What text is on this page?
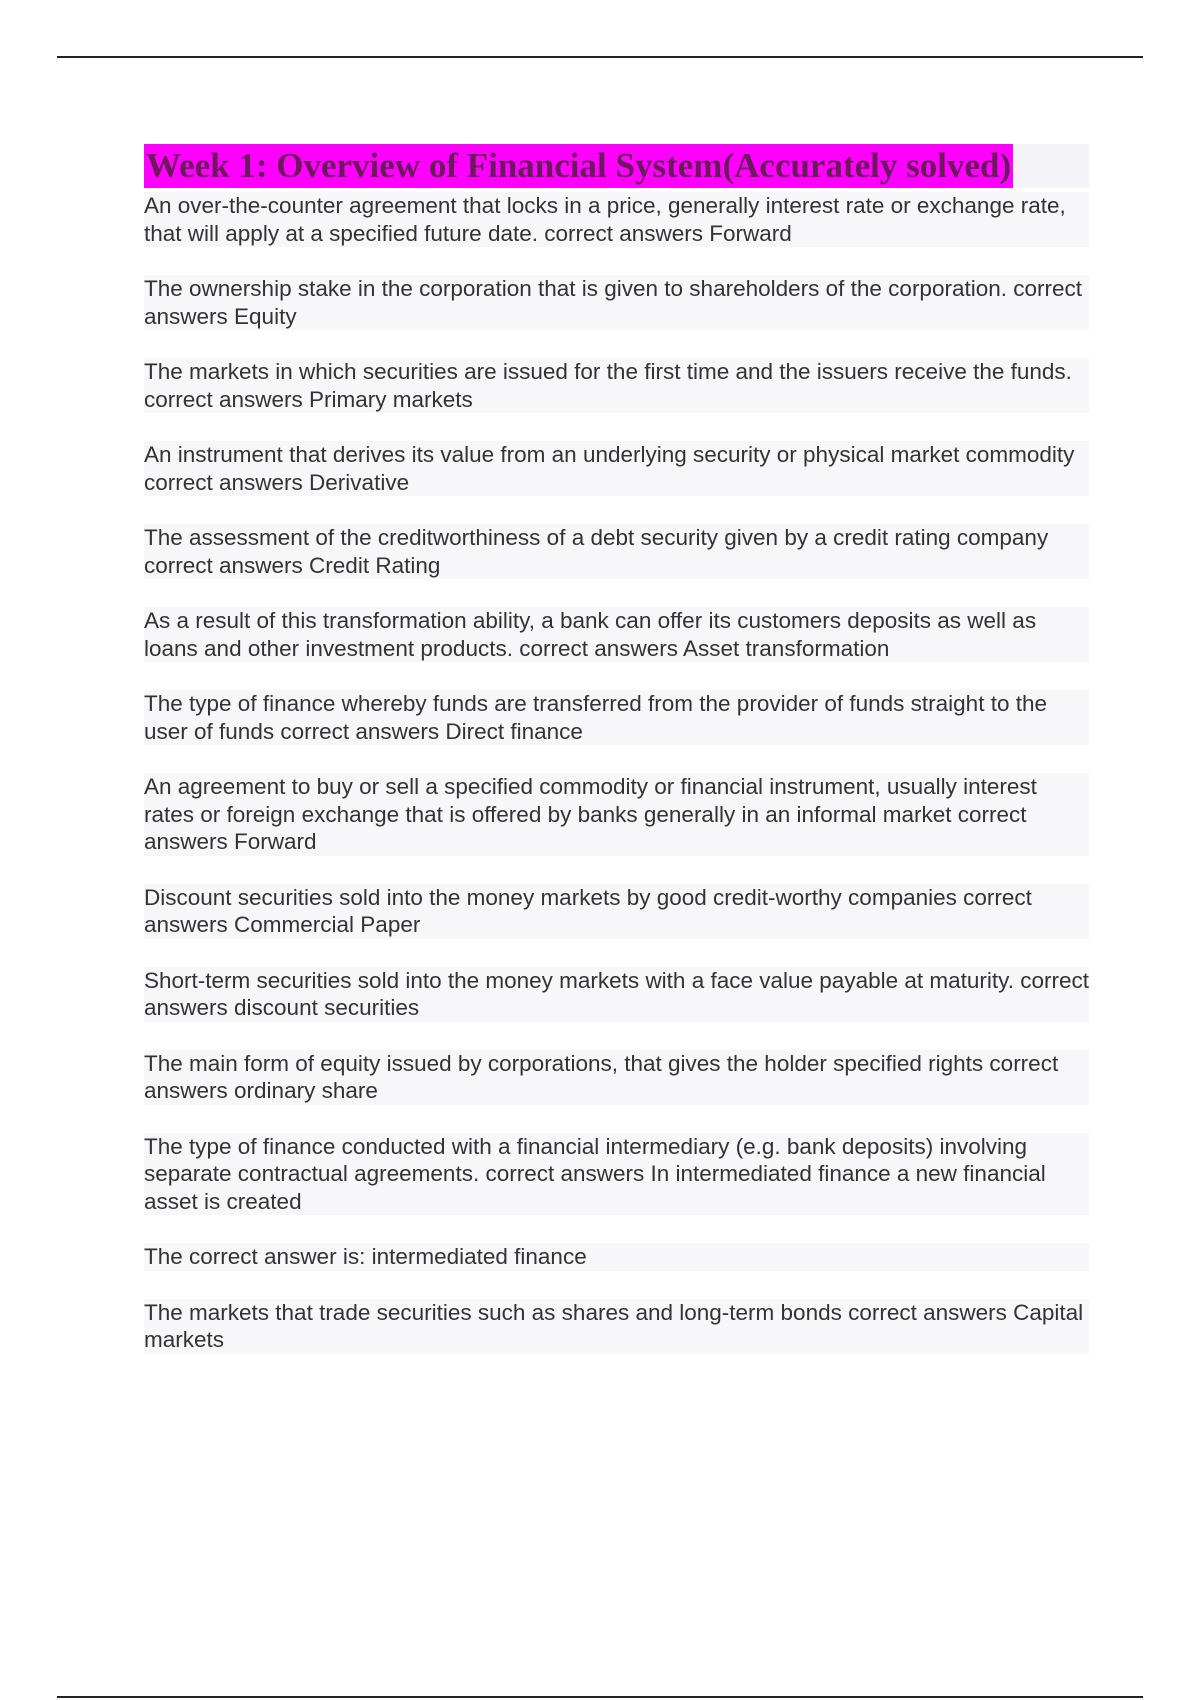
Week 1: Overview of Financial System(Accurately solved)
An over-the-counter agreement that locks in a price, generally interest rate or exchange rate, that will apply at a specified future date. correct answers Forward
The ownership stake in the corporation that is given to shareholders of the corporation. correct answers Equity
The markets in which securities are issued for the first time and the issuers receive the funds. correct answers Primary markets
An instrument that derives its value from an underlying security or physical market commodity correct answers Derivative
The assessment of the creditworthiness of a debt security given by a credit rating company correct answers Credit Rating
As a result of this transformation ability, a bank can offer its customers deposits as well as loans and other investment products. correct answers Asset transformation
The type of finance whereby funds are transferred from the provider of funds straight to the user of funds correct answers Direct finance
An agreement to buy or sell a specified commodity or financial instrument, usually interest rates or foreign exchange that is offered by banks generally in an informal market correct answers Forward
Discount securities sold into the money markets by good credit-worthy companies correct answers Commercial Paper
Short-term securities sold into the money markets with a face value payable at maturity. correct answers discount securities
The main form of equity issued by corporations, that gives the holder specified rights correct answers ordinary share
The type of finance conducted with a financial intermediary (e.g. bank deposits) involving separate contractual agreements. correct answers In intermediated finance a new financial asset is created
The correct answer is: intermediated finance
The markets that trade securities such as shares and long-term bonds correct answers Capital markets
